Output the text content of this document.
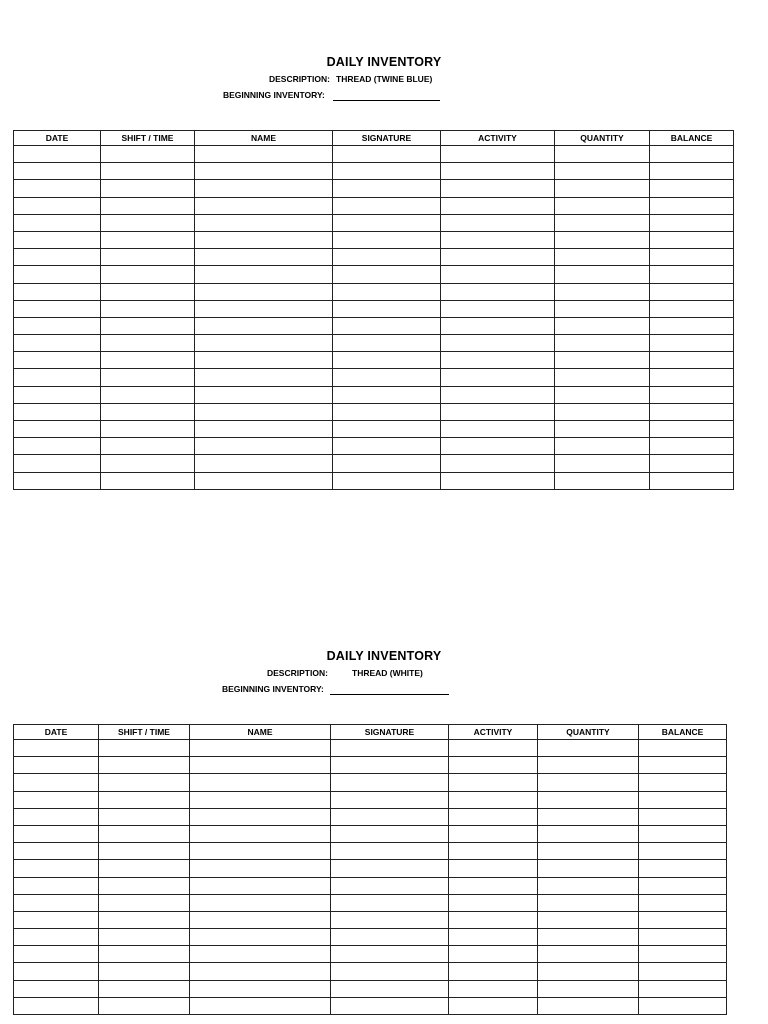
DAILY INVENTORY
DESCRIPTION: THREAD (TWINE BLUE)
BEGINNING INVENTORY:
DATE	SHIFT / TIME	NAME	SIGNATURE	ACTIVITY	QUANTITY	BALANCE

DAILY INVENTORY
DESCRIPTION:	THREAD (WHITE)
BEGINNING INVENTORY:
DATE	SHIFT / TIME	NAME	SIGNATURE	ACTIVITY	QUANTITY	BALANCE
